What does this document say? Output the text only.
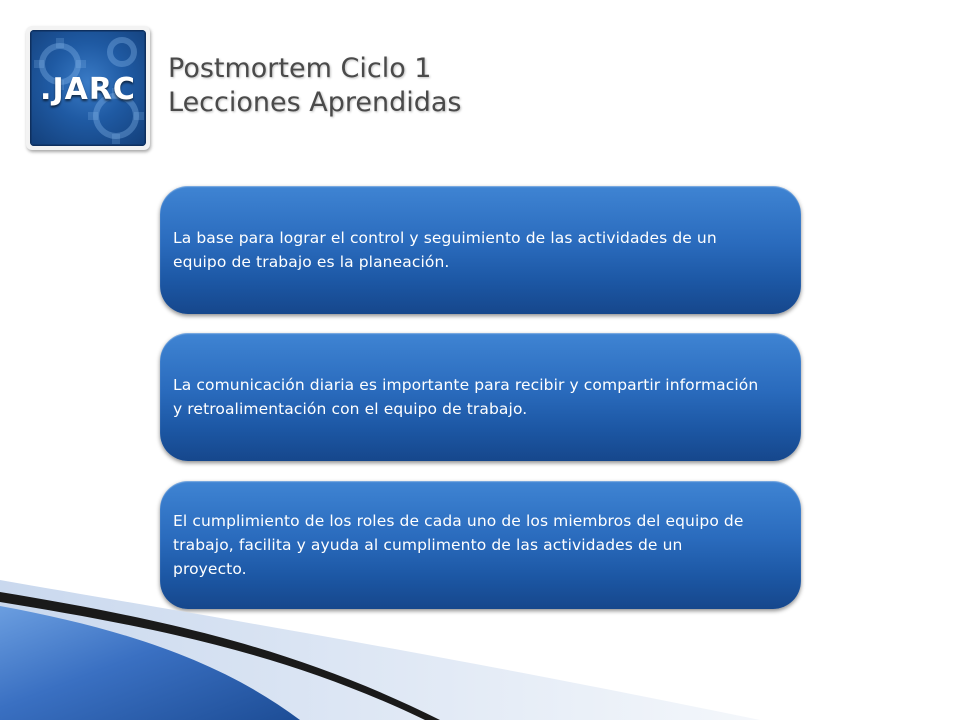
.JARC
Postmortem Ciclo 1
Lecciones Aprendidas
La base para lograr el control y seguimiento de las actividades de un equipo de trabajo es la planeación.
La comunicación diaria es importante para recibir y compartir información y retroalimentación con el equipo de trabajo.
El cumplimiento de los roles de cada uno de los miembros del equipo de trabajo, facilita y ayuda al cumplimento de las actividades de un proyecto.
